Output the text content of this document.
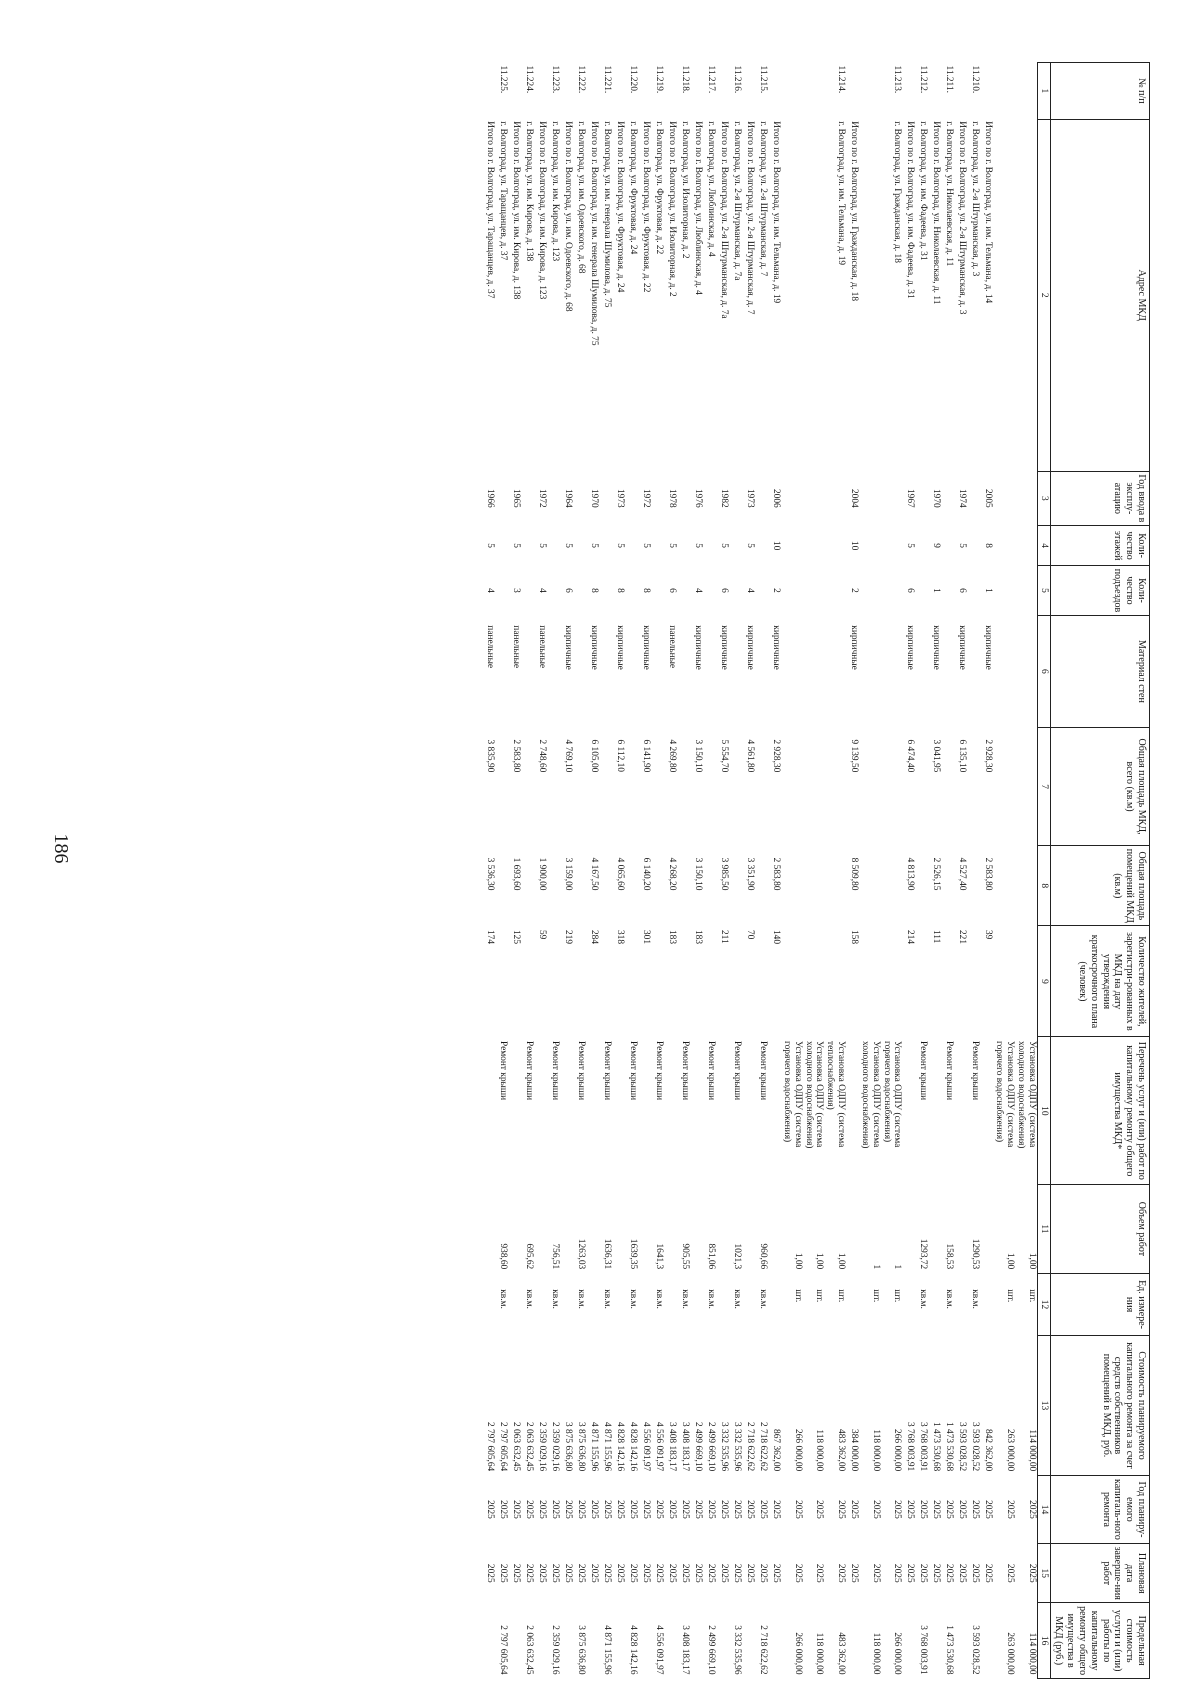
186
№ п/п	Адрес МКД	Год ввода в эксплу-атацию	Коли-чество этажей	Коли-чество подъездов	Материал стен	Общая площадь МКД, всего (кв.м)	Общая площадь помещений МКД (кв.м)	Количество жителей, зарегистри-рованных в МКД на дату утверждения краткосрочного плана (человек)	Перечень услуг и (или) работ по капитальному ремонту общего имущества МКД*	Объем работ	Ед. измере-ния	Стоимость планируемого капитального ремонта за счет средств собственников помещений в МКД, руб.	Год планиру-емого капиталь-ного ремонта	Плановая дата заверше-ния работ	Предельная стоимость услуги и (или) работы по капитальному ремонту общего имущества в МКД (руб.)
1	2	3	4	5	6	7	8	9	10	11	12	13	14	15	16
									Установка ОДПУ (система холодного водоснабжения)	1,00	шт.	114 000,00	2025	2025	114 000,00
									Установка ОДПУ (система горячего водоснабжения)	1,00	шт.	263 000,00	2025	2025	263 000,00
	Итого по г. Волгоград, ул. им. Тельмана, д. 14	2005	8	1	кирпичные	2 928,30	2 583,80	39				842 362,00	2025	2025	
11.210.	г. Волгоград, ул. 2-я Штурманская, д. 3								Ремонт крыши	1290,53	кв.м.	3 593 028,52	2025	2025	3 593 028,52
	Итого по г. Волгоград, ул. 2-я Штурманская, д. 3	1974	5	6	кирпичные	6 135,10	4 527,40	221				3 593 028,52	2025	2025	
11.211.	г. Волгоград, ул. Николаевская, д. 11								Ремонт крыши	158,53	кв.м.	1 473 530,68	2025	2025	1 473 530,68
	Итого по г. Волгоград, ул. Николаевская, д. 11	1970	9	1	кирпичные	3 041,95	2 526,15	111				1 473 530,68	2025	2025	
11.212.	г. Волгоград, ул. им. Фадеева, д. 31								Ремонт крыши	1293,72	кв.м.	3 768 003,91	2025	2025	3 768 003,91
	Итого по г. Волгоград, ул. им. Фадеева, д. 31	1967	5	6	кирпичные	6 474,40	4 813,90	214				3 768 003,91	2025	2025	
11.213.	г. Волгоград, ул. Гражданская, д. 18								Установка ОДПУ (система горячего водоснабжения)	1	шт.	266 000,00	2025	2025	266 000,00
									Установка ОДПУ (система холодного водоснабжения)	1	шт.	118 000,00	2025	2025	118 000,00
	Итого по г. Волгоград, ул. Гражданская, д. 18	2004	10	2	кирпичные	9 139,50	8 509,80	158				384 000,00	2025	2025	
11.214.	г. Волгоград, ул. им. Тельмана, д. 19								Установка ОДПУ (система теплоснабжения)	1,00	шт.	483 362,00	2025	2025	483 362,00
									Установка ОДПУ (система холодного водоснабжения)	1,00	шт.	118 000,00	2025	2025	118 000,00
									Установка ОДПУ (система горячего водоснабжения)	1,00	шт.	266 000,00	2025	2025	266 000,00
	Итого по г. Волгоград, ул. им. Тельмана, д. 19	2006	10	2	кирпичные	2 928,30	2 583,80	140				867 362,00	2025	2025	
11.215.	г. Волгоград, ул. 2-я Штурманская, д. 7								Ремонт крыши	960,66	кв.м.	2 718 622,62	2025	2025	2 718 622,62
	Итого по г. Волгоград, ул. 2-я Штурманская, д. 7	1973	5	4	кирпичные	4 561,80	3 351,90	70				2 718 622,62	2025	2025	
11.216.	г. Волгоград, ул. 2-я Штурманская, д. 7а								Ремонт крыши	1021,3	кв.м.	3 332 535,96	2025	2025	3 332 535,96
	Итого по г. Волгоград, ул. 2-я Штурманская, д. 7а	1982	5	6	кирпичные	5 554,70	3 985,50	211				3 332 535,96	2025	2025	
11.217.	г. Волгоград, ул. Люблинская, д. 4								Ремонт крыши	851,06	кв.м.	2 499 669,10	2025	2025	2 499 669,10
	Итого по г. Волгоград, ул. Люблинская, д. 4	1976	5	4	кирпичные	3 150,10	3 150,10	183				2 499 669,10	2025	2025	
11.218.	г. Волгоград, ул. Изолиторная, д. 2								Ремонт крыши	905,55	кв.м.	3 408 183,17	2025	2025	3 408 183,17
	Итого по г. Волгоград, ул. Изолиторная, д. 2	1978	5	6	панельные	4 269,80	4 268,20	183				3 408 183,17	2025	2025	
11.219.	г. Волгоград, ул. Фруктовая, д. 22								Ремонт крыши	1641,3	кв.м.	4 556 091,97	2025	2025	4 556 091,97
	Итого по г. Волгоград, ул. Фруктовая, д. 22	1972	5	8	кирпичные	6 141,90	6 140,20	301				4 556 091,97	2025	2025	
11.220.	г. Волгоград, ул. Фруктовая, д. 24								Ремонт крыши	1639,35	кв.м.	4 828 142,16	2025	2025	4 828 142,16
	Итого по г. Волгоград, ул. Фруктовая, д. 24	1973	5	8	кирпичные	6 112,10	4 065,60	318				4 828 142,16	2025	2025	
11.221.	г. Волгоград, ул. им. генерала Шумилова, д. 75								Ремонт крыши	1636,31	кв.м.	4 871 155,96	2025	2025	4 871 155,96
	Итого по г. Волгоград, ул. им. генерала Шумилова, д. 75	1970	5	8	кирпичные	6 105,00	4 167,50	284				4 871 155,96	2025	2025	
11.222.	г. Волгоград, ул. им. Одоевского, д. 68								Ремонт крыши	1263,03	кв.м.	3 875 636,80	2025	2025	3 875 636,80
	Итого по г. Волгоград, ул. им. Одоевского, д. 68	1964	5	6	кирпичные	4 769,10	3 159,00	219				3 875 636,80	2025	2025	
11.223.	г. Волгоград, ул. им. Кирова, д. 123								Ремонт крыши	756,51	кв.м.	2 359 029,16	2025	2025	2 359 029,16
	Итого по г. Волгоград, ул. им. Кирова, д. 123	1972	5	4	панельные	2 748,60	1 900,00	59				2 359 029,16	2025	2025	
11.224.	г. Волгоград, ул. им. Кирова, д. 138								Ремонт крыши	695,62	кв.м.	2 063 632,45	2025	2025	2 063 632,45
	Итого по г. Волгоград, ул. им. Кирова, д. 138	1965	5	3	панельные	2 583,80	1 693,60	125				2 063 632,45	2025	2025	
11.225.	г. Волгоград, ул. Таращанцев, д. 37								Ремонт крыши	938,60	кв.м.	2 797 605,64	2025	2025	2 797 605,64
	Итого по г. Волгоград, ул. Таращанцев, д. 37	1966	5	4	панельные	3 835,90	3 536,30	174				2 797 605,64	2025	2025	
